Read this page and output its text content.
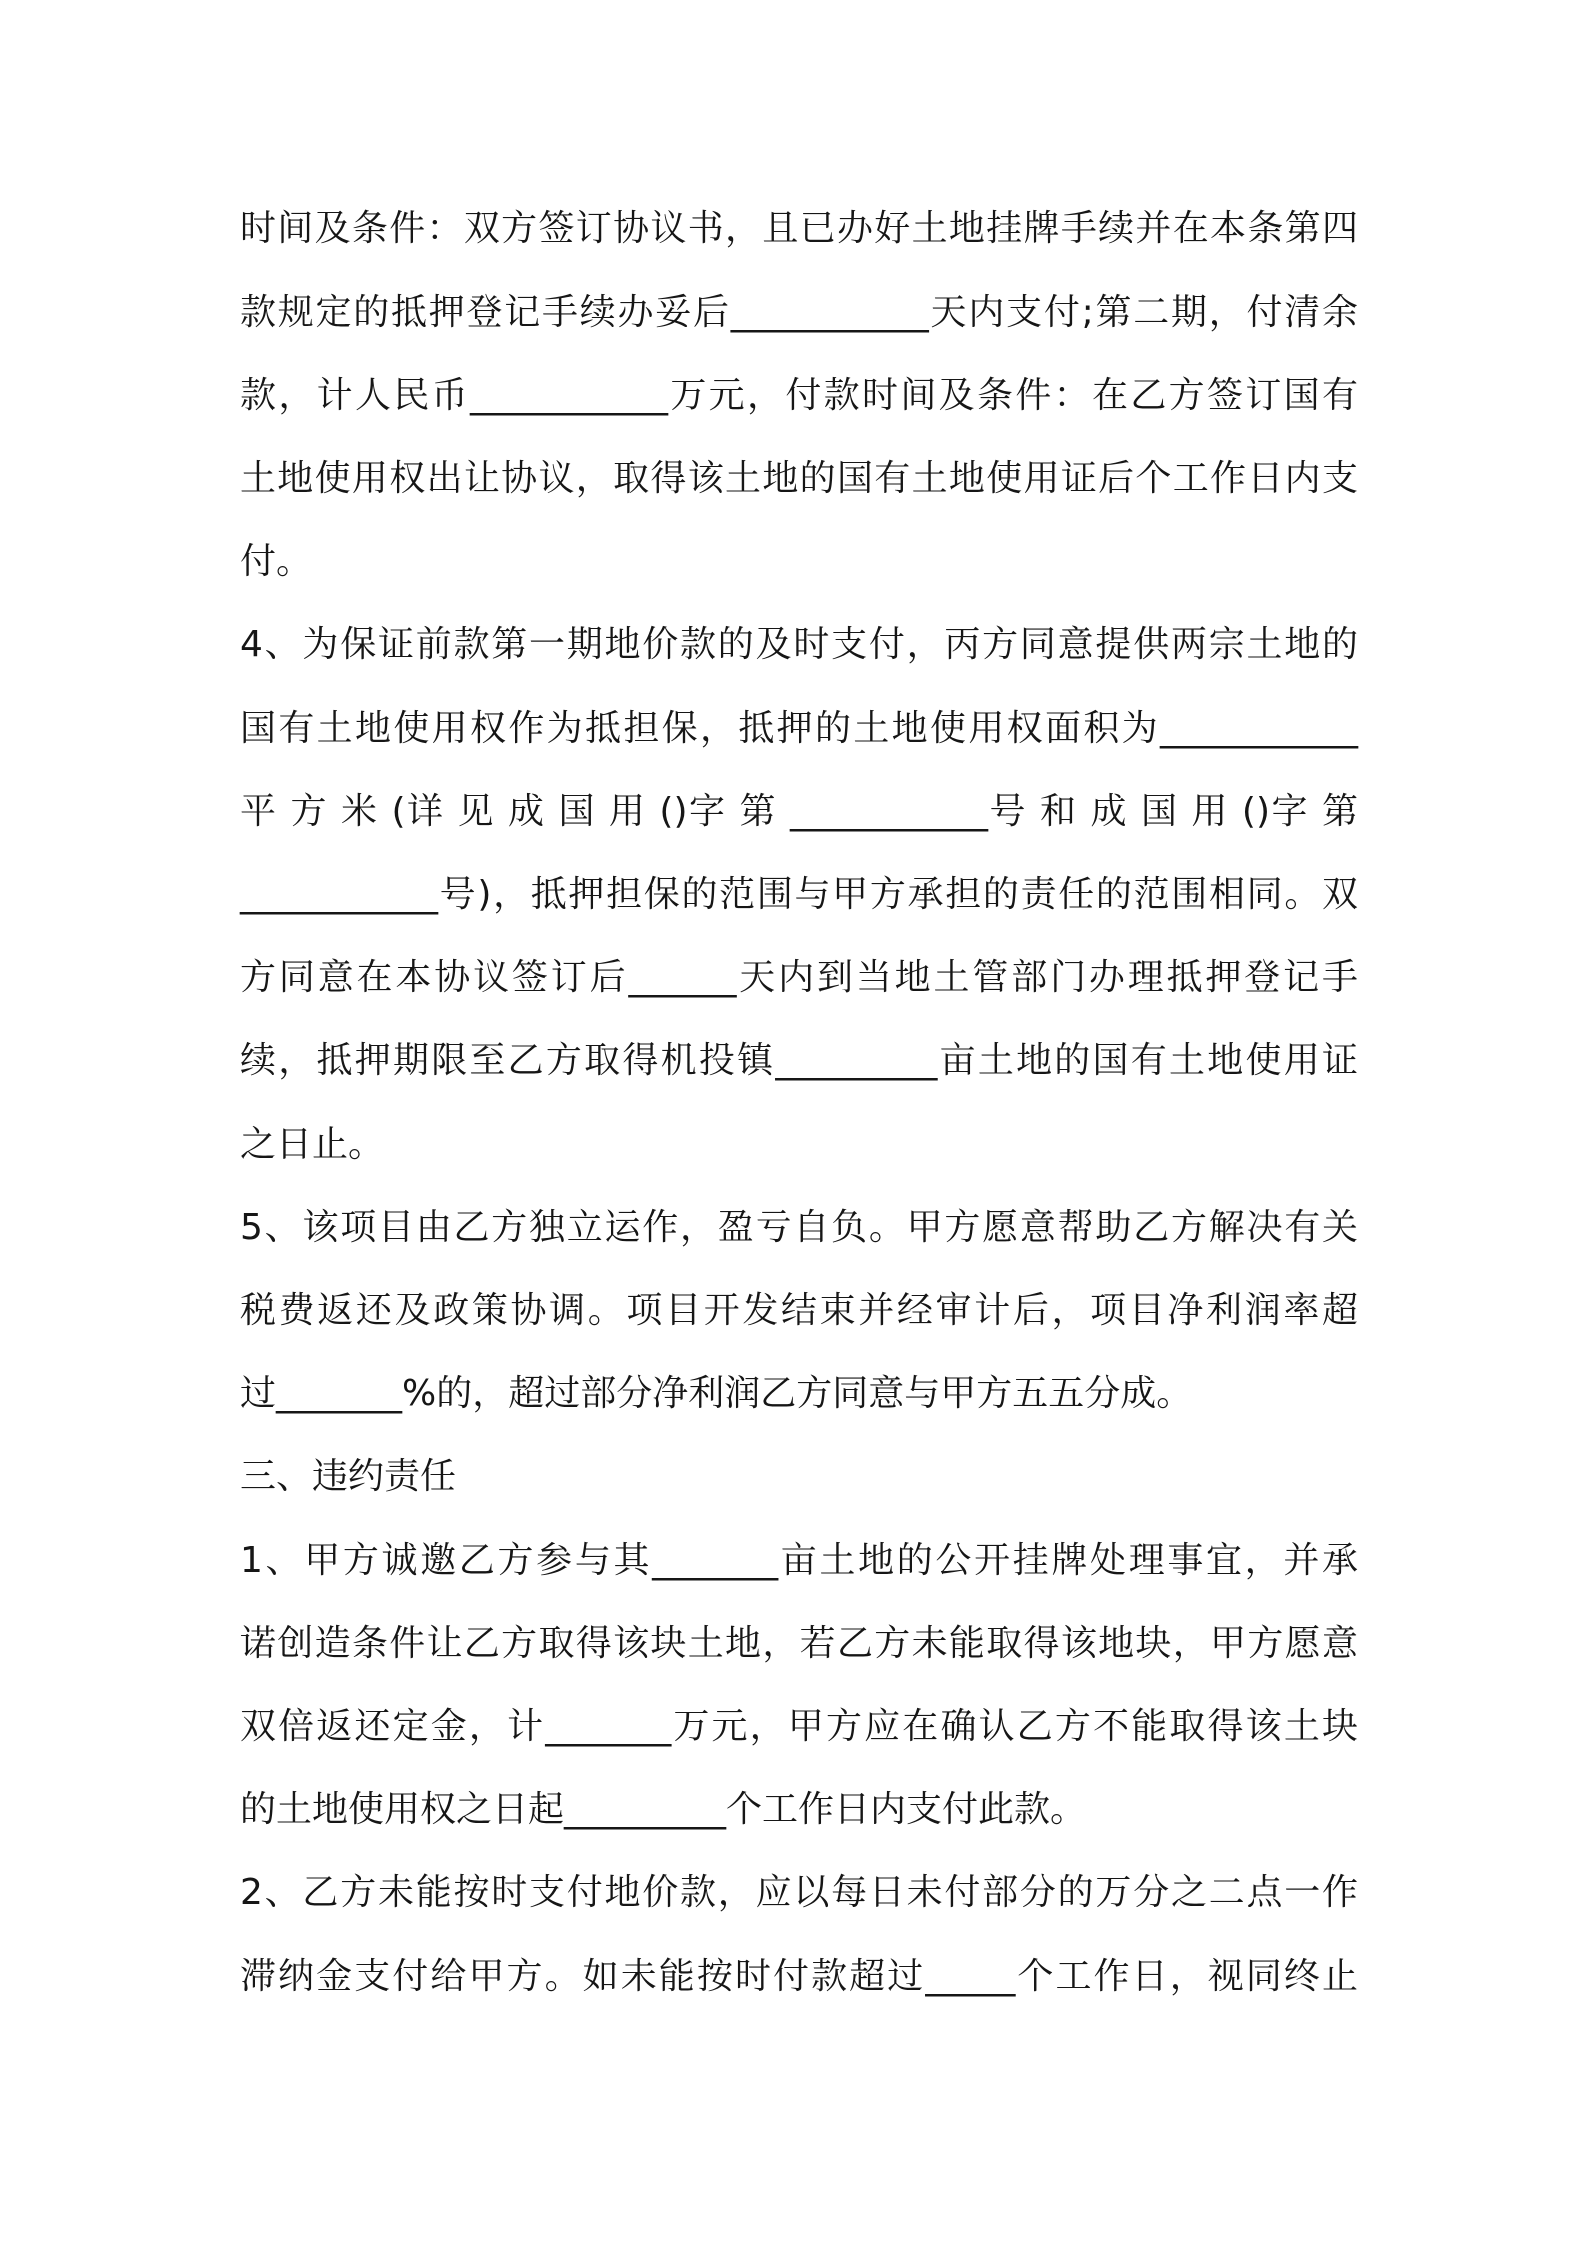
时间及条件：双方签订协议书，且已办好土地挂牌手续并在本条第四
款规定的抵押登记手续办妥后___________天内支付;第二期，付清余
款，计人民币___________万元，付款时间及条件：在乙方签订国有
土地使用权出让协议，取得该土地的国有土地使用证后个工作日内支
付。
4、为保证前款第一期地价款的及时支付，丙方同意提供两宗土地的
国有土地使用权作为抵担保，抵押的土地使用权面积为___________
平 方 米 (详 见 成 国 用 ()字 第 ___________号 和 成 国 用 ()字 第
___________号)，抵押担保的范围与甲方承担的责任的范围相同。双
方同意在本协议签订后______天内到当地土管部门办理抵押登记手
续，抵押期限至乙方取得机投镇_________亩土地的国有土地使用证
之日止。
5、该项目由乙方独立运作，盈亏自负。甲方愿意帮助乙方解决有关
税费返还及政策协调。项目开发结束并经审计后，项目净利润率超
过_______%的，超过部分净利润乙方同意与甲方五五分成。
三、违约责任
1、甲方诚邀乙方参与其_______亩土地的公开挂牌处理事宜，并承
诺创造条件让乙方取得该块土地，若乙方未能取得该地块，甲方愿意
双倍返还定金，计_______万元，甲方应在确认乙方不能取得该土块
的土地使用权之日起_________个工作日内支付此款。
2、乙方未能按时支付地价款，应以每日未付部分的万分之二点一作
滞纳金支付给甲方。如未能按时付款超过_____个工作日，视同终止
